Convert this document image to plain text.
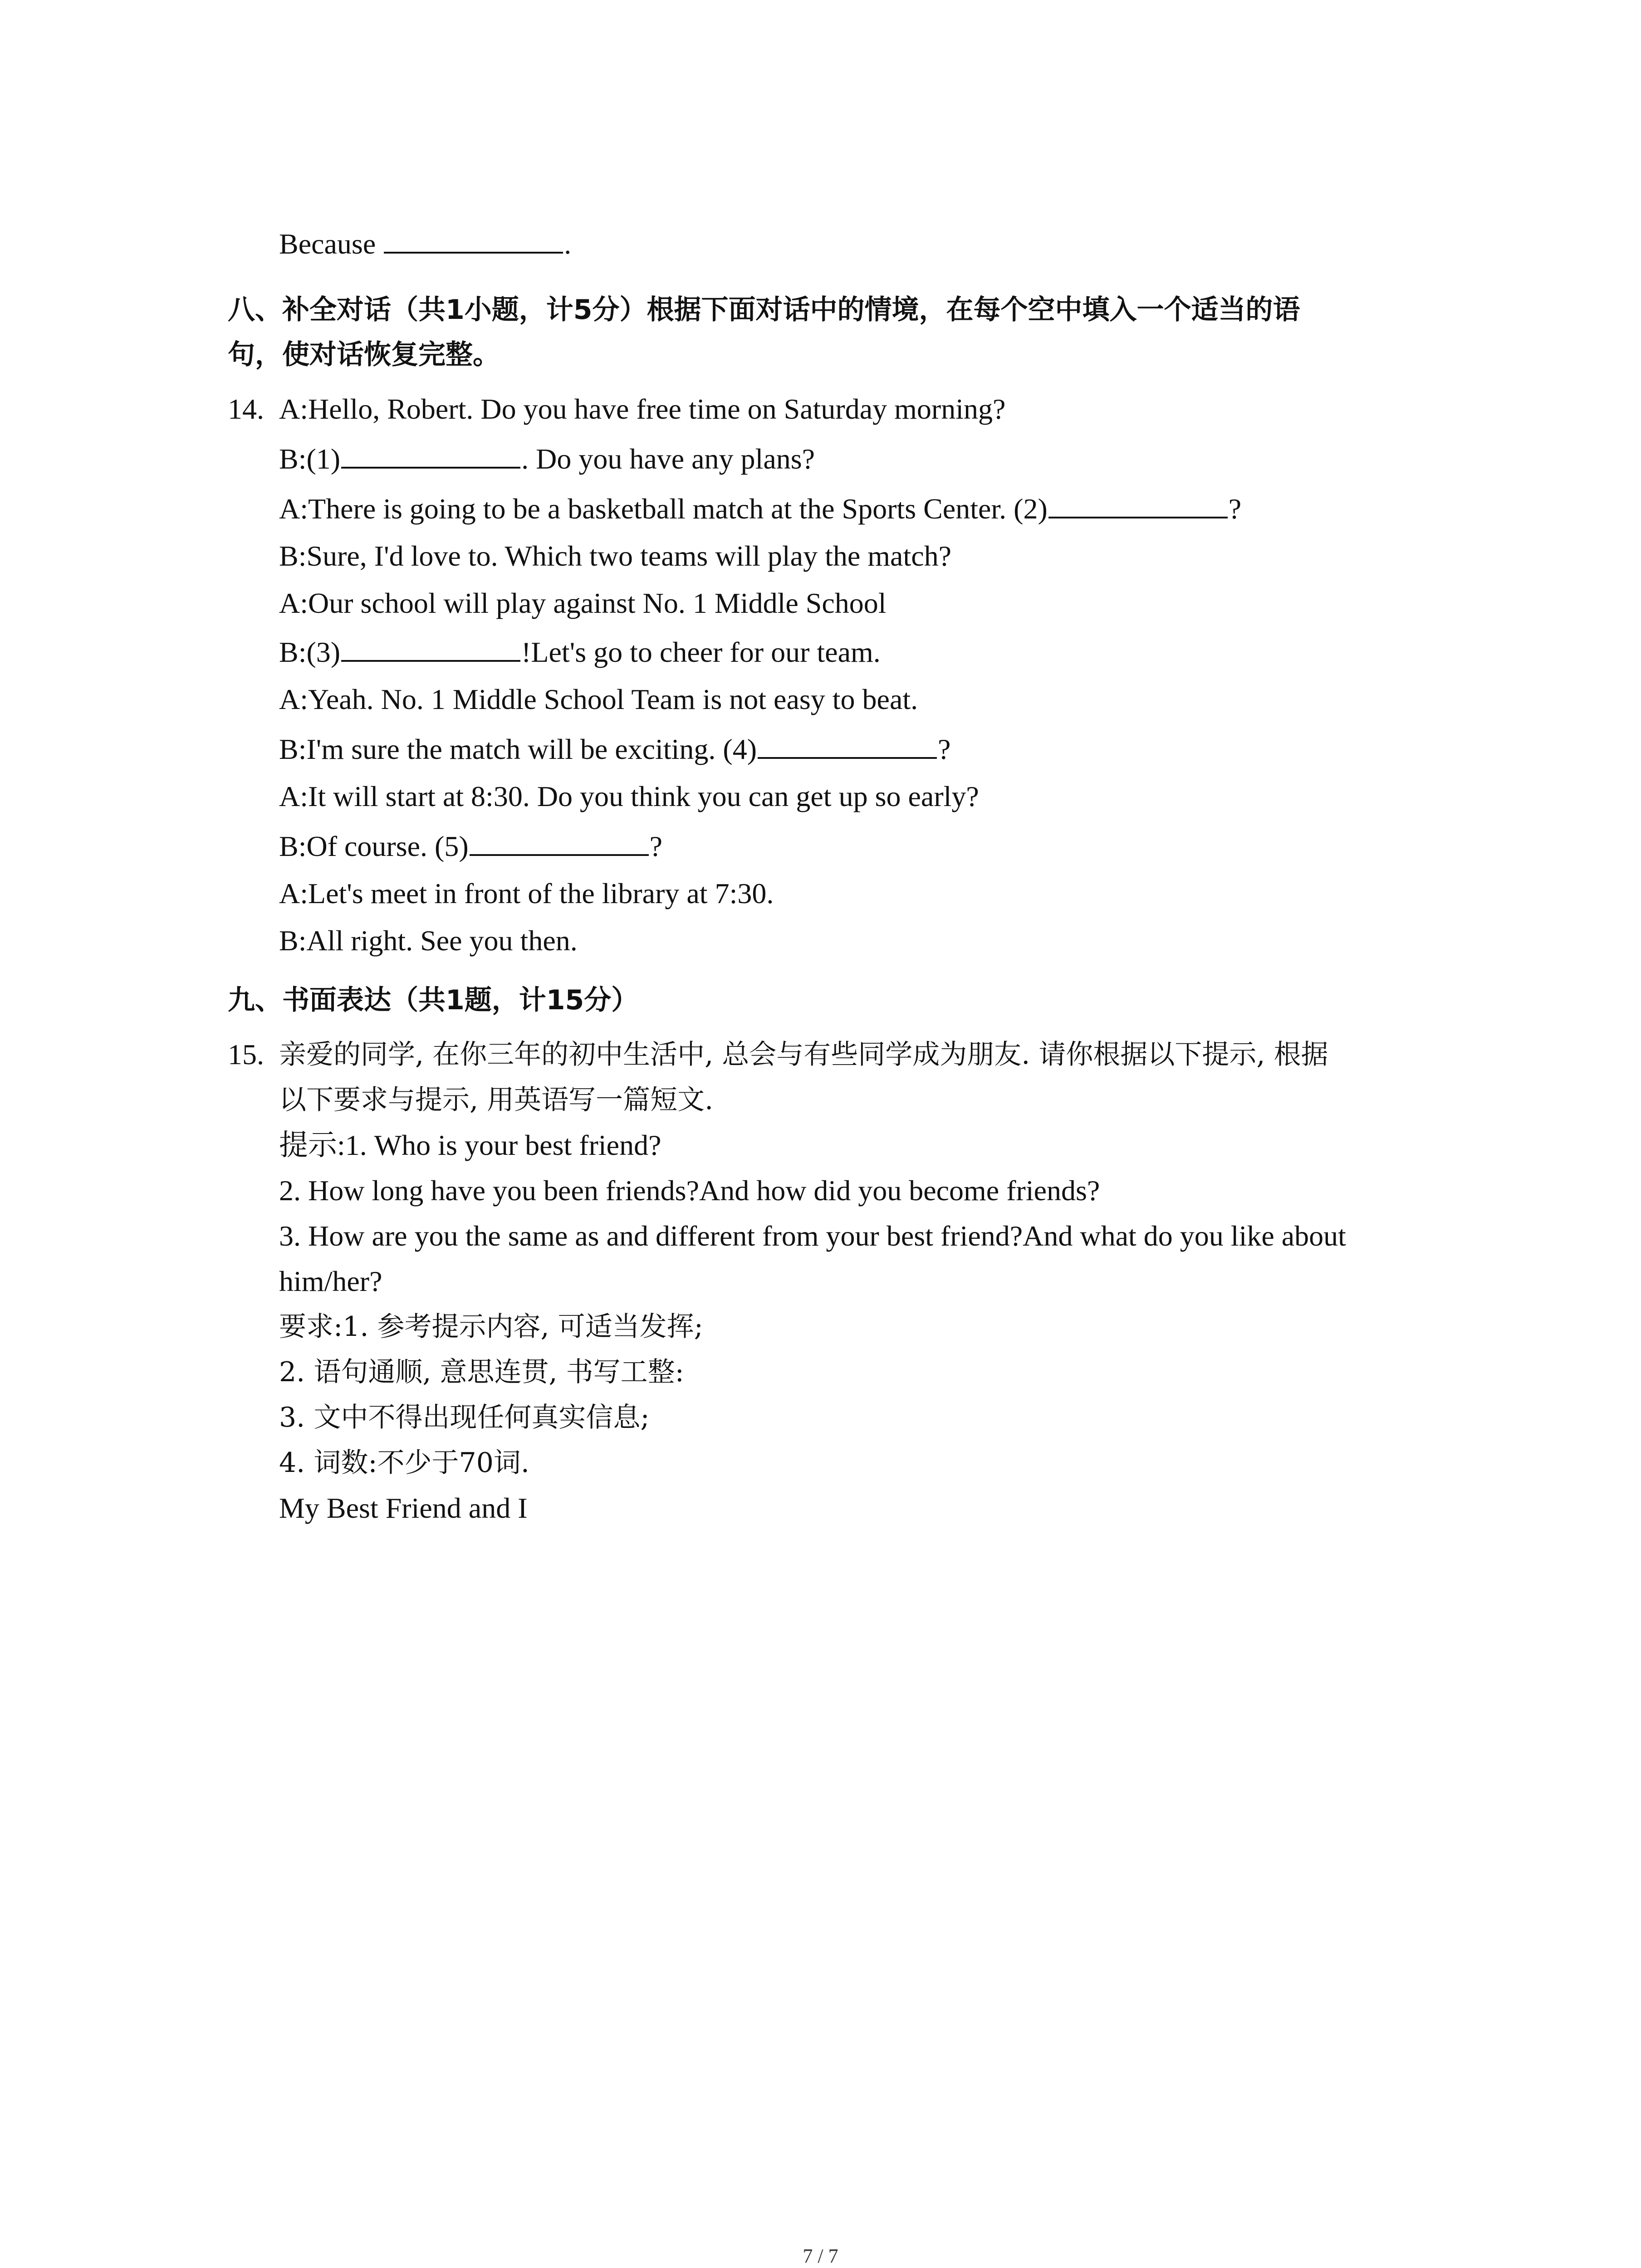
Because	.
八、补全对话（共1小题，计5分）根据下面对话中的情境，在每个空中填入一个适当的语
句，使对话恢复完整。
14. A:Hello, Robert. Do you have free time on Saturday morning?
B:(1)	. Do you have any plans?
A:There is going to be a basketball match at the Sports Center. (2)	?
B:Sure, I'd love to. Which two teams will play the match?
A:Our school will play against No. 1 Middle School
B:(3)	!Let's go to cheer for our team.
A:Yeah. No. 1 Middle School Team is not easy to beat.
B:I'm sure the match will be exciting. (4)	?
A:It will start at 8:30. Do you think you can get up so early?
B:Of course. (5)	?
A:Let's meet in front of the library at 7:30.
B:All right. See you then.
九、书面表达（共1题，计15分）
15. 亲爱的同学, 在你三年的初中生活中, 总会与有些同学成为朋友. 请你根据以下提示, 根据
以下要求与提示, 用英语写一篇短文.
提示:1. Who is your best friend?
2. How long have you been friends?And how did you become friends?
3. How are you the same as and different from your best friend?And what do you like about
him/her?
要求:1. 参考提示内容, 可适当发挥;
2. 语句通顺, 意思连贯, 书写工整:
3. 文中不得出现任何真实信息;
4. 词数:不少于70词.
My Best Friend and I
7 / 7
